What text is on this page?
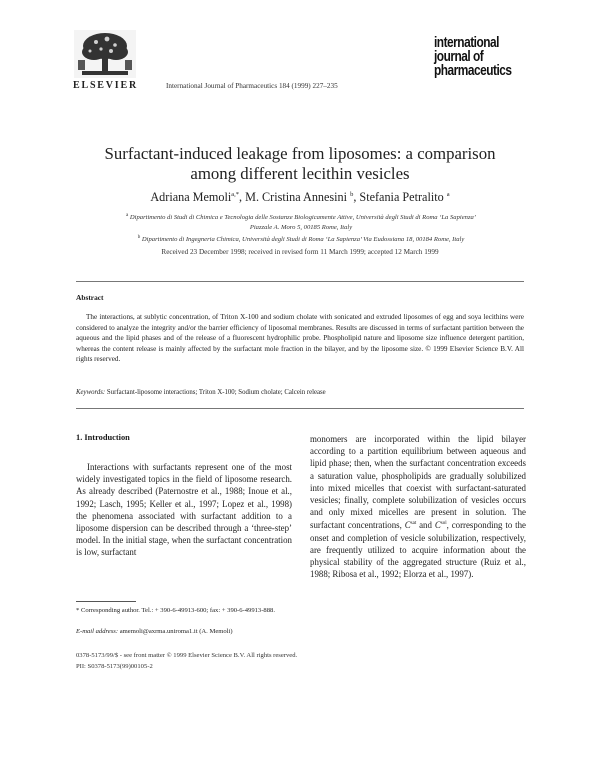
ELSEVIER	International Journal of Pharmaceutics 184 (1999) 227–235
international
journal of
pharmaceutics
Surfactant-induced leakage from liposomes: a comparison
among different lecithin vesicles
Adriana Memoli$^{a,*}$, M. Cristina Annesini $^b$, Stefania Petralito $^a$
$^a$ Dipartimento di Studi di Chimica e Tecnologia delle Sostanze Biologicamente Attive, Università degli Studi di Roma ‘La Sapienza’
Piazzale A. Moro 5, 00185 Rome, Italy
$^b$ Dipartimento di Ingegneria Chimica, Università degli Studi di Roma ‘La Sapienza’ Via Eudossiana 18, 00184 Rome, Italy
Received 23 December 1998; received in revised form 11 March 1999; accepted 12 March 1999
Abstract
The interactions, at sublytic concentration, of Triton X-100 and sodium cholate with sonicated and extruded liposomes of egg and soya lecithins were considered to analyze the integrity and/or the barrier efficiency of liposomal membranes. Results are discussed in terms of surfactant partition between the aqueous and the lipid phases and of the release of a fluorescent hydrophilic probe. Phospholipid nature and liposome size influence detergent partition, whereas the content release is mainly affected by the surfactant mole fraction in the bilayer, and by the liposome size. © 1999 Elsevier Science B.V. All rights reserved.
Keywords: Surfactant-liposome interactions; Triton X-100; Sodium cholate; Calcein release
1. Introduction
Interactions with surfactants represent one of the most widely investigated topics in the field of liposome research. As already described (Paternostre et al., 1988; Inoue et al., 1992; Lasch, 1995; Keller et al., 1997; Lopez et al., 1998) the phenomena associated with surfactant addition to a liposome dispersion can be described through a ‘three-step’ model. In the initial stage, when the surfactant concentration is low, surfactant
monomers are incorporated within the lipid bilayer according to a partition equilibrium between aqueous and lipid phase; then, when the surfactant concentration exceeds a saturation value, phospholipids are gradually solubilized into mixed micelles that coexist with surfactant-saturated vesicles; finally, complete solubilization of vesicles occurs and only mixed micelles are present in solution. The surfactant concentrations, $C^{sat}$ and $C^{sol}$, corresponding to the onset and completion of vesicle solubilization, respectively, are frequently utilized to acquire information about the physical stability of the aggregated structure (Ruiz et al., 1988; Ribosa et al., 1992; Elorza et al., 1997).
* Corresponding author. Tel.: + 390-6-49913-600; fax: + 390-6-49913-888.
E-mail address: amemoli@axrma.uniroma1.it (A. Memoli)
0378-5173/99/$ - see front matter © 1999 Elsevier Science B.V. All rights reserved.
PII: S0378-5173(99)00105-2
